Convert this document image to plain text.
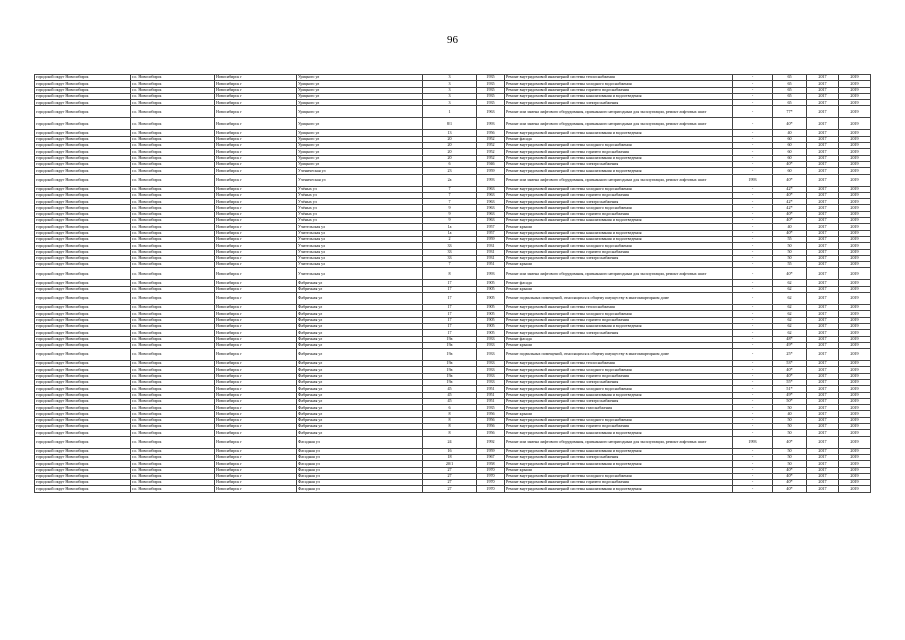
96
городской округ Новосибирск	г.о. Новосибирск	Новосибирск г	Урицкого ул	3	1935	Ремонт внутридомовой инженерной системы теплоснабжения	-	65	2017	2019
городской округ Новосибирск	г.о. Новосибирск	Новосибирск г	Урицкого ул	3	1935	Ремонт внутридомовой инженерной системы холодного водоснабжения	-	65	2017	2019
городской округ Новосибирск	г.о. Новосибирск	Новосибирск г	Урицкого ул	3	1935	Ремонт внутридомовой инженерной системы горячего водоснабжения	-	65	2017	2019
городской округ Новосибирск	г.о. Новосибирск	Новосибирск г	Урицкого ул	3	1935	Ремонт внутридомовой инженерной системы канализования и водоотведения	-	65	2017	2019
городской округ Новосибирск	г.о. Новосибирск	Новосибирск г	Урицкого ул	3	1935	Ремонт внутридомовой инженерной системы электроснабжения	-	65	2017	2019
городской округ Новосибирск	г.о. Новосибирск	Новосибирск г	Урицкого ул	1	1963	Ремонт или замена лифтового оборудования, признанного непригодным для эксплуатации, ремонт лифтовых шахт	-	77*	2017	2019
городской округ Новосибирск	г.о. Новосибирск	Новосибирск г	Урицкого ул	8/1	1993	Ремонт или замена лифтового оборудования, признанного непригодным для эксплуатации, ремонт лифтовых шахт	-	40*	2017	2019
городской округ Новосибирск	г.о. Новосибирск	Новосибирск г	Урицкого ул	13	1956	Ремонт внутридомовой инженерной системы канализования и водоотведения	-	40	2017	2019
городской округ Новосибирск	г.о. Новосибирск	Новосибирск г	Урицкого ул	20	1952	Ремонт фасада	-	60	2017	2019
городской округ Новосибирск	г.о. Новосибирск	Новосибирск г	Урицкого ул	20	1952	Ремонт внутридомовой инженерной системы холодного водоснабжения	-	60	2017	2019
городской округ Новосибирск	г.о. Новосибирск	Новосибирск г	Урицкого ул	20	1952	Ремонт внутридомовой инженерной системы горячего водоснабжения	-	60	2017	2019
городской округ Новосибирск	г.о. Новосибирск	Новосибирск г	Урицкого ул	20	1952	Ремонт внутридомовой инженерной системы канализования и водоотведения	-	60	2017	2019
городской округ Новосибирск	г.о. Новосибирск	Новосибирск г	Урицкого ул	6	1946	Ремонт внутридомовой инженерной системы электроснабжения	-	40*	2017	2019
городской округ Новосибирск	г.о. Новосибирск	Новосибирск г	Ученическая ул	23	1959	Ремонт внутридомовой инженерной системы канализования и водоотведения	-	60	2017	2019
городской округ Новосибирск	г.о. Новосибирск	Новосибирск г	Ученическая ул	2а	1993	Ремонт или замена лифтового оборудования, признанного непригодным для эксплуатации, ремонт лифтовых шахт	1993	40*	2017	2019
городской округ Новосибирск	г.о. Новосибирск	Новосибирск г	Учёных ул	7	1963	Ремонт внутридомовой инженерной системы холодного водоснабжения	-	42*	2017	2019
городской округ Новосибирск	г.о. Новосибирск	Новосибирск г	Учёных ул	7	1963	Ремонт внутридомовой инженерной системы горячего водоснабжения	-	40*	2017	2019
городской округ Новосибирск	г.о. Новосибирск	Новосибирск г	Учёных ул	7	1963	Ремонт внутридомовой инженерной системы электроснабжения	-	42*	2017	2019
городской округ Новосибирск	г.о. Новосибирск	Новосибирск г	Учёных ул	9	1963	Ремонт внутридомовой инженерной системы холодного водоснабжения	-	42*	2017	2019
городской округ Новосибирск	г.о. Новосибирск	Новосибирск г	Учёных ул	9	1963	Ремонт внутридомовой инженерной системы горячего водоснабжения	-	40*	2017	2019
городской округ Новосибирск	г.о. Новосибирск	Новосибирск г	Учёных ул	9	1963	Ремонт внутридомовой инженерной системы канализования и водоотведения	-	40*	2017	2019
городской округ Новосибирск	г.о. Новосибирск	Новосибирск г	Учительская ул	1а	1957	Ремонт крыши	-	40	2017	2019
городской округ Новосибирск	г.о. Новосибирск	Новосибирск г	Учительская ул	1а	1957	Ремонт внутридомовой инженерной системы канализования и водоотведения	-	40*	2017	2019
городской округ Новосибирск	г.о. Новосибирск	Новосибирск г	Учительская ул	2	1959	Ремонт внутридомовой инженерной системы канализования и водоотведения	-	55	2017	2019
городской округ Новосибирск	г.о. Новосибирск	Новосибирск г	Учительская ул	33	1931	Ремонт внутридомовой инженерной системы холодного водоснабжения	-	50	2017	2019
городской округ Новосибирск	г.о. Новосибирск	Новосибирск г	Учительская ул	33	1931	Ремонт внутридомовой инженерной системы горячего водоснабжения	-	50	2017	2019
городской округ Новосибирск	г.о. Новосибирск	Новосибирск г	Учительская ул	33	1931	Ремонт внутридомовой инженерной системы электроснабжения	-	50	2017	2019
городской округ Новосибирск	г.о. Новосибирск	Новосибирск г	Учительская ул	7	1951	Ремонт крыши	-	55	2017	2019
городской округ Новосибирск	г.о. Новосибирск	Новосибирск г	Учительская ул	8	1993	Ремонт или замена лифтового оборудования, признанного непригодным для эксплуатации, ремонт лифтовых шахт	-	40*	2017	2019
городской округ Новосибирск	г.о. Новосибирск	Новосибирск г	Фабричная ул	17	1905	Ремонт фасада	-	62	2017	2019
городской округ Новосибирск	г.о. Новосибирск	Новосибирск г	Фабричная ул	17	1905	Ремонт крыши	-	62	2017	2019
городской округ Новосибирск	г.о. Новосибирск	Новосибирск г	Фабричная ул	17	1905	Ремонт подвальных помещений, относящихся к общему имуществу в многоквартирном доме	-	62	2017	2019
городской округ Новосибирск	г.о. Новосибирск	Новосибирск г	Фабричная ул	17	1905	Ремонт внутридомовой инженерной системы теплоснабжения	-	62	2017	2019
городской округ Новосибирск	г.о. Новосибирск	Новосибирск г	Фабричная ул	17	1905	Ремонт внутридомовой инженерной системы холодного водоснабжения	-	62	2017	2019
городской округ Новосибирск	г.о. Новосибирск	Новосибирск г	Фабричная ул	17	1905	Ремонт внутридомовой инженерной системы горячего водоснабжения	-	62	2017	2019
городской округ Новосибирск	г.о. Новосибирск	Новосибирск г	Фабричная ул	17	1905	Ремонт внутридомовой инженерной системы канализования и водоотведения	-	62	2017	2019
городской округ Новосибирск	г.о. Новосибирск	Новосибирск г	Фабричная ул	17	1905	Ремонт внутридомовой инженерной системы электроснабжения	-	62	2017	2019
городской округ Новосибирск	г.о. Новосибирск	Новосибирск г	Фабричная ул	19а	1933	Ремонт фасада	-	48*	2017	2019
городской округ Новосибирск	г.о. Новосибирск	Новосибирск г	Фабричная ул	19а	1933	Ремонт крыши	-	49*	2017	2019
городской округ Новосибирск	г.о. Новосибирск	Новосибирск г	Фабричная ул	19а	1933	Ремонт подвальных помещений, относящихся к общему имуществу в многоквартирном доме	-	25*	2017	2019
городской округ Новосибирск	г.о. Новосибирск	Новосибирск г	Фабричная ул	19а	1933	Ремонт внутридомовой инженерной системы теплоснабжения	-	53*	2017	2019
городской округ Новосибирск	г.о. Новосибирск	Новосибирск г	Фабричная ул	19а	1933	Ремонт внутридомовой инженерной системы холодного водоснабжения	-	40*	2017	2019
городской округ Новосибирск	г.о. Новосибирск	Новосибирск г	Фабричная ул	19а	1933	Ремонт внутридомовой инженерной системы горячего водоснабжения	-	40*	2017	2019
городской округ Новосибирск	г.о. Новосибирск	Новосибирск г	Фабричная ул	19а	1933	Ремонт внутридомовой инженерной системы электроснабжения	-	55*	2017	2019
городской округ Новосибирск	г.о. Новосибирск	Новосибирск г	Фабричная ул	45	1951	Ремонт внутридомовой инженерной системы холодного водоснабжения	-	51*	2017	2019
городской округ Новосибирск	г.о. Новосибирск	Новосибирск г	Фабричная ул	45	1951	Ремонт внутридомовой инженерной системы канализования и водоотведения	-	49*	2017	2019
городской округ Новосибирск	г.о. Новосибирск	Новосибирск г	Фабричная ул	45	1951	Ремонт внутридомовой инженерной системы электроснабжения	-	50*	2017	2019
городской округ Новосибирск	г.о. Новосибирск	Новосибирск г	Фабричная ул	6	1935	Ремонт внутридомовой инженерной системы газоснабжения	-	50	2017	2019
городской округ Новосибирск	г.о. Новосибирск	Новосибирск г	Фабричная ул	8	1956	Ремонт крыши	-	40	2017	2019
городской округ Новосибирск	г.о. Новосибирск	Новосибирск г	Фабричная ул	8	1956	Ремонт внутридомовой инженерной системы холодного водоснабжения	-	50	2017	2019
городской округ Новосибирск	г.о. Новосибирск	Новосибирск г	Фабричная ул	8	1956	Ремонт внутридомовой инженерной системы горячего водоснабжения	-	50	2017	2019
городской округ Новосибирск	г.о. Новосибирск	Новосибирск г	Фабричная ул	8	1956	Ремонт внутридомовой инженерной системы канализования и водоотведения	-	50	2017	2019
городской округ Новосибирск	г.о. Новосибирск	Новосибирск г	Фасадная ул	24	1992	Ремонт или замена лифтового оборудования, признанного непригодным для эксплуатации, ремонт лифтовых шахт	1993	40*	2017	2019
городской округ Новосибирск	г.о. Новосибирск	Новосибирск г	Фасадная ул	16	1959	Ремонт внутридомовой инженерной системы канализования и водоотведения	-	50	2017	2019
городской округ Новосибирск	г.о. Новосибирск	Новосибирск г	Фасадная ул	18	1967	Ремонт внутридомовой инженерной системы электроснабжения	-	50	2017	2019
городской округ Новосибирск	г.о. Новосибирск	Новосибирск г	Фасадная ул	20/1	1958	Ремонт внутридомовой инженерной системы канализования и водоотведения	-	50	2017	2019
городской округ Новосибирск	г.о. Новосибирск	Новосибирск г	Фасадная ул	27	1970	Ремонт крыши	-	40*	2017	2019
городской округ Новосибирск	г.о. Новосибирск	Новосибирск г	Фасадная ул	27	1970	Ремонт внутридомовой инженерной системы холодного водоснабжения	-	40*	2017	2019
городской округ Новосибирск	г.о. Новосибирск	Новосибирск г	Фасадная ул	27	1970	Ремонт внутридомовой инженерной системы горячего водоснабжения	-	40*	2017	2019
городской округ Новосибирск	г.о. Новосибирск	Новосибирск г	Фасадная ул	27	1970	Ремонт внутридомовой инженерной системы канализования и водоотведения	-	40*	2017	2019
